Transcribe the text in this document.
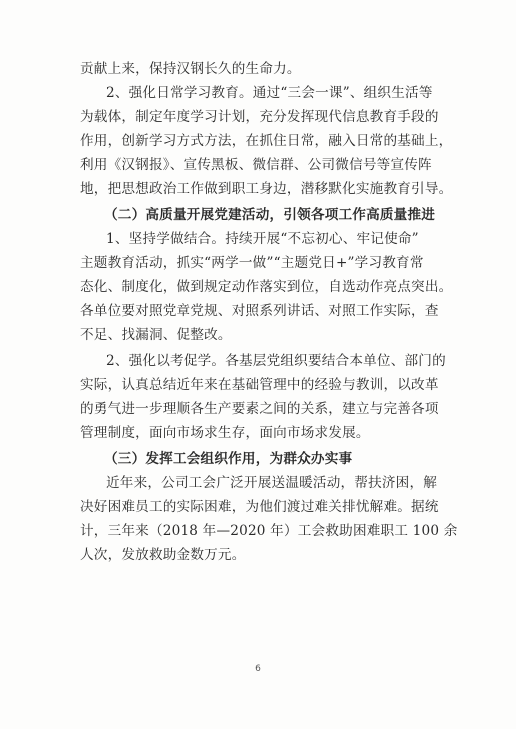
贡献上来，保持汉钢长久的生命力。
2、强化日常学习教育。通过“三会一课”、组织生活等
为载体，制定年度学习计划，充分发挥现代信息教育手段的
作用，创新学习方式方法，在抓住日常，融入日常的基础上，
利用《汉钢报》、宣传黑板、微信群、公司微信号等宣传阵
地，把思想政治工作做到职工身边，潜移默化实施教育引导。
（二）高质量开展党建活动，引领各项工作高质量推进
1、坚持学做结合。持续开展“不忘初心、牢记使命”
主题教育活动，抓实“两学一做”“主题党日+”学习教育常
态化、制度化，做到规定动作落实到位，自选动作亮点突出。
各单位要对照党章党规、对照系列讲话、对照工作实际，查
不足、找漏洞、促整改。
2、强化以考促学。各基层党组织要结合本单位、部门的
实际，认真总结近年来在基础管理中的经验与教训，以改革
的勇气进一步理顺各生产要素之间的关系，建立与完善各项
管理制度，面向市场求生存，面向市场求发展。
（三）发挥工会组织作用，为群众办实事
近年来，公司工会广泛开展送温暖活动，帮扶济困，解
决好困难员工的实际困难，为他们渡过难关排忧解难。据统
计，三年来（2018 年—2020 年）工会救助困难职工 100 余
人次，发放救助金数万元。
6
